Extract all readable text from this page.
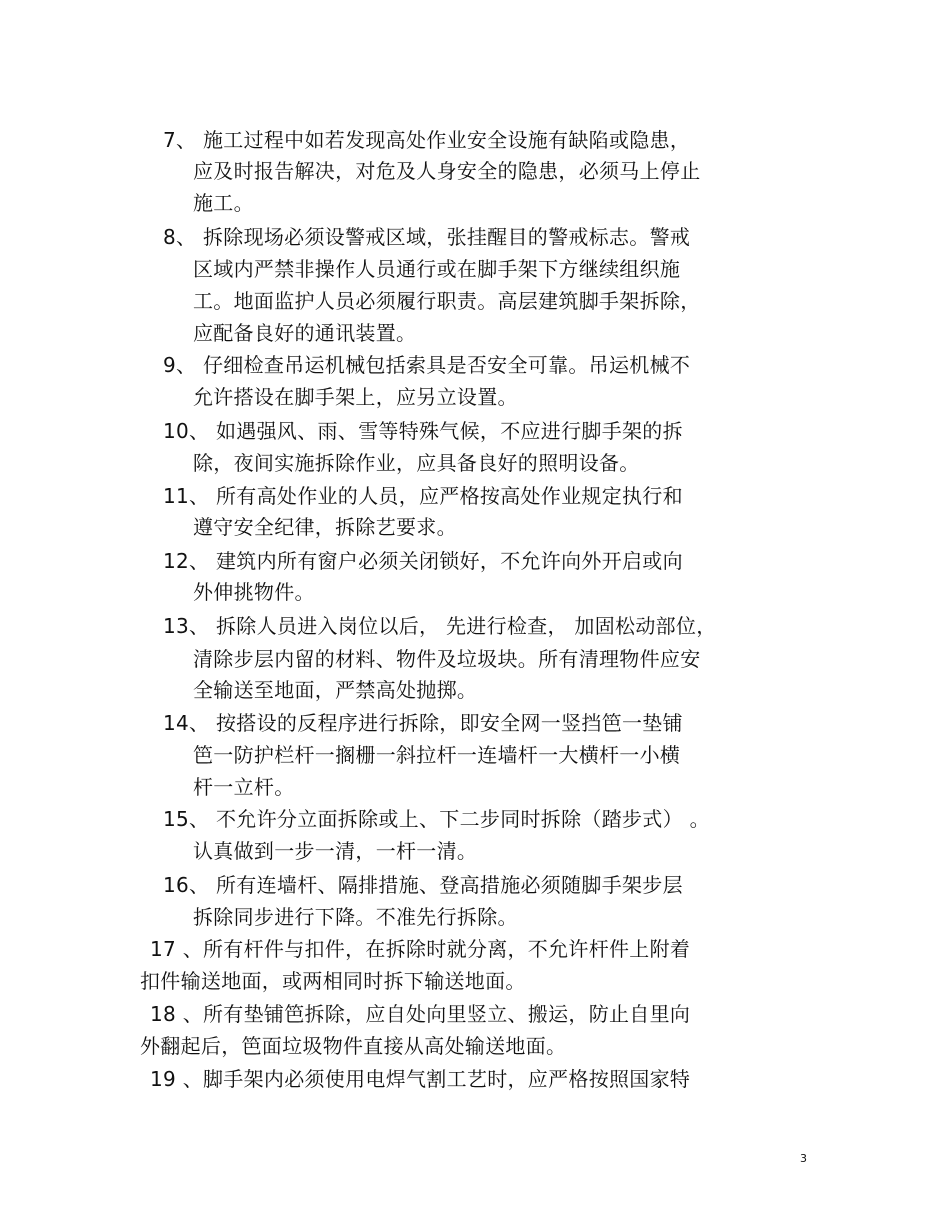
7、 施工过程中如若发现高处作业安全设施有缺陷或隐患，
应及时报告解决，对危及人身安全的隐患，必须马上停止
施工。
8、 拆除现场必须设警戒区域，张挂醒目的警戒标志。警戒
区域内严禁非操作人员通行或在脚手架下方继续组织施
工。地面监护人员必须履行职责。高层建筑脚手架拆除，
应配备良好的通讯装置。
9、 仔细检查吊运机械包括索具是否安全可靠。吊运机械不
允许搭设在脚手架上，应另立设置。
10、 如遇强风、雨、雪等特殊气候，不应进行脚手架的拆
除，夜间实施拆除作业，应具备良好的照明设备。
11、 所有高处作业的人员，应严格按高处作业规定执行和
遵守安全纪律，拆除艺要求。
12、 建筑内所有窗户必须关闭锁好，不允许向外开启或向
外伸挑物件。
13、 拆除人员进入岗位以后， 先进行检查， 加固松动部位，
清除步层内留的材料、物件及垃圾块。所有清理物件应安
全输送至地面，严禁高处抛掷。
14、 按搭设的反程序进行拆除，即安全网一竖挡笆一垫铺
笆一防护栏杆一搁栅一斜拉杆一连墙杆一大横杆一小横
杆一立杆。
15、 不允许分立面拆除或上、下二步同时拆除（踏步式） 。
认真做到一步一清，一杆一清。
16、 所有连墙杆、隔排措施、登高措施必须随脚手架步层
拆除同步进行下降。不准先行拆除。
17 、所有杆件与扣件，在拆除时就分离，不允许杆件上附着
扣件输送地面，或两相同时拆下输送地面。
18 、所有垫铺笆拆除，应自处向里竖立、搬运，防止自里向
外翻起后，笆面垃圾物件直接从高处输送地面。
19 、脚手架内必须使用电焊气割工艺时，应严格按照国家特
3
